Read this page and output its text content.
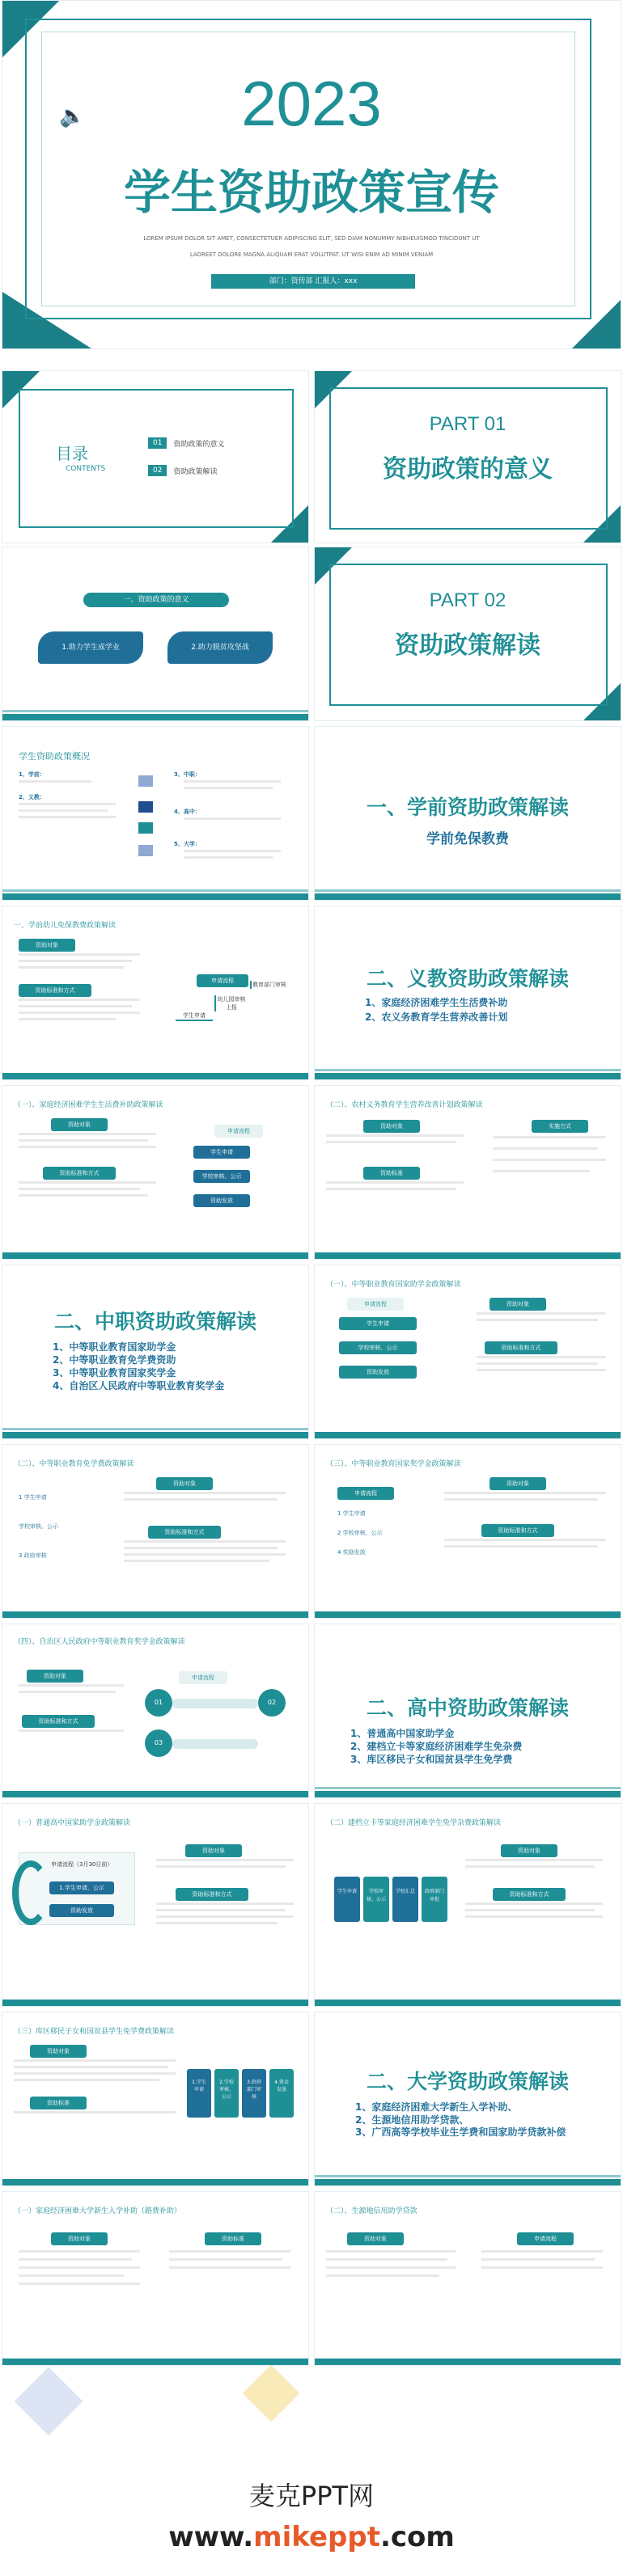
🔈	2023
学生资助政策宣传
LOREM IPSUM DOLOR SIT AMET, CONSECTETUER ADIPISCING ELIT, SED DIAM NONUMMY NIBHEUISMOD TINCIDUNT UT
LAOREET DOLORE MAGNA ALIQUAM ERAT VOLUTPAT. UT WISI ENIM AD MINIM VENIAM
部门：资传部 汇报人：xxx
目录
CONTENTS
01	资助政策的意义
02	资助政策解读
PART 01
资助政策的意义
一、资助政策的意义
1.助力学生成学业	2.助力脱贫攻坚战
PART 02
资助政策解读
学生资助政策概况
1、学前：
2、义教：
3、中职：
4、高中：
5、大学：
一、学前资助政策解读
学前免保教费
一、学前幼儿免保教费政策解读
资助对象
资助标准和方式
申请流程
学生申请
幼儿园审核上报
教育部门审核	二、义教资助政策解读
1、家庭经济困难学生生活费补助
2、农义务教育学生营养改善计划
（一）、家庭经济困难学生生活费补助政策解读
资助对象
资助标准和方式
申请流程
学生申请
学校审核、公示
资助发放
（二）、农村义务教育学生营养改善计划政策解读
资助对象
资助标准
实施方式
二、中职资助政策解读
1、中等职业教育国家助学金
2、中等职业教育免学费资助
3、中等职业教育国家奖学金
4、自治区人民政府中等职业教育奖学金
（一）、中等职业教育国家助学金政策解读
申请流程
学生申请
学校审核、公示
资助发放
资助对象
资助标准和方式
（二）、中等职业教育免学费政策解读
1 学生申请
学校审核、公示
3 政府审核
资助对象
资助标准和方式
（三）、中等职业教育国家奖学金政策解读
申请流程
1 学生申请
2 学校审核、公示
4 奖励发放
资助对象
资助标准和方式
（四）、自治区人民政府中等职业教育奖学金政策解读
资助对象
资助标准和方式
申请流程
01	02
03
二、高中资助政策解读
1、普通高中国家助学金
2、建档立卡等家庭经济困难学生免杂费
3、库区移民子女和国贫县学生免学费
（一）普通高中国家助学金政策解读
申请流程（3月30日前）
1.学生申请、公示
资助发放
资助对象
资助标准和方式
（二）建档立卡等家庭经济困难学生免学杂费政策解读
学生申请	学校审核、公示
学校汇总	政府部门审批
资助对象
资助标准和方式
（三）库区移民子女和国贫县学生免学费政策解读
资助对象
资助标准
1.学生申请
2.学校审核、公示
3.政府部门审核
4.资金发放	二、大学资助政策解读
1、家庭经济困难大学新生入学补助、
2、生源地信用助学贷款、
3、广西高等学校毕业生学费和国家助学贷款补偿
（一）家庭经济困难大学新生入学补助（路费补助）
资助对象	资助标准
（二）、生源地信用助学贷款
资助对象	申请流程
麦克PPT网
www.mikeppt.com
